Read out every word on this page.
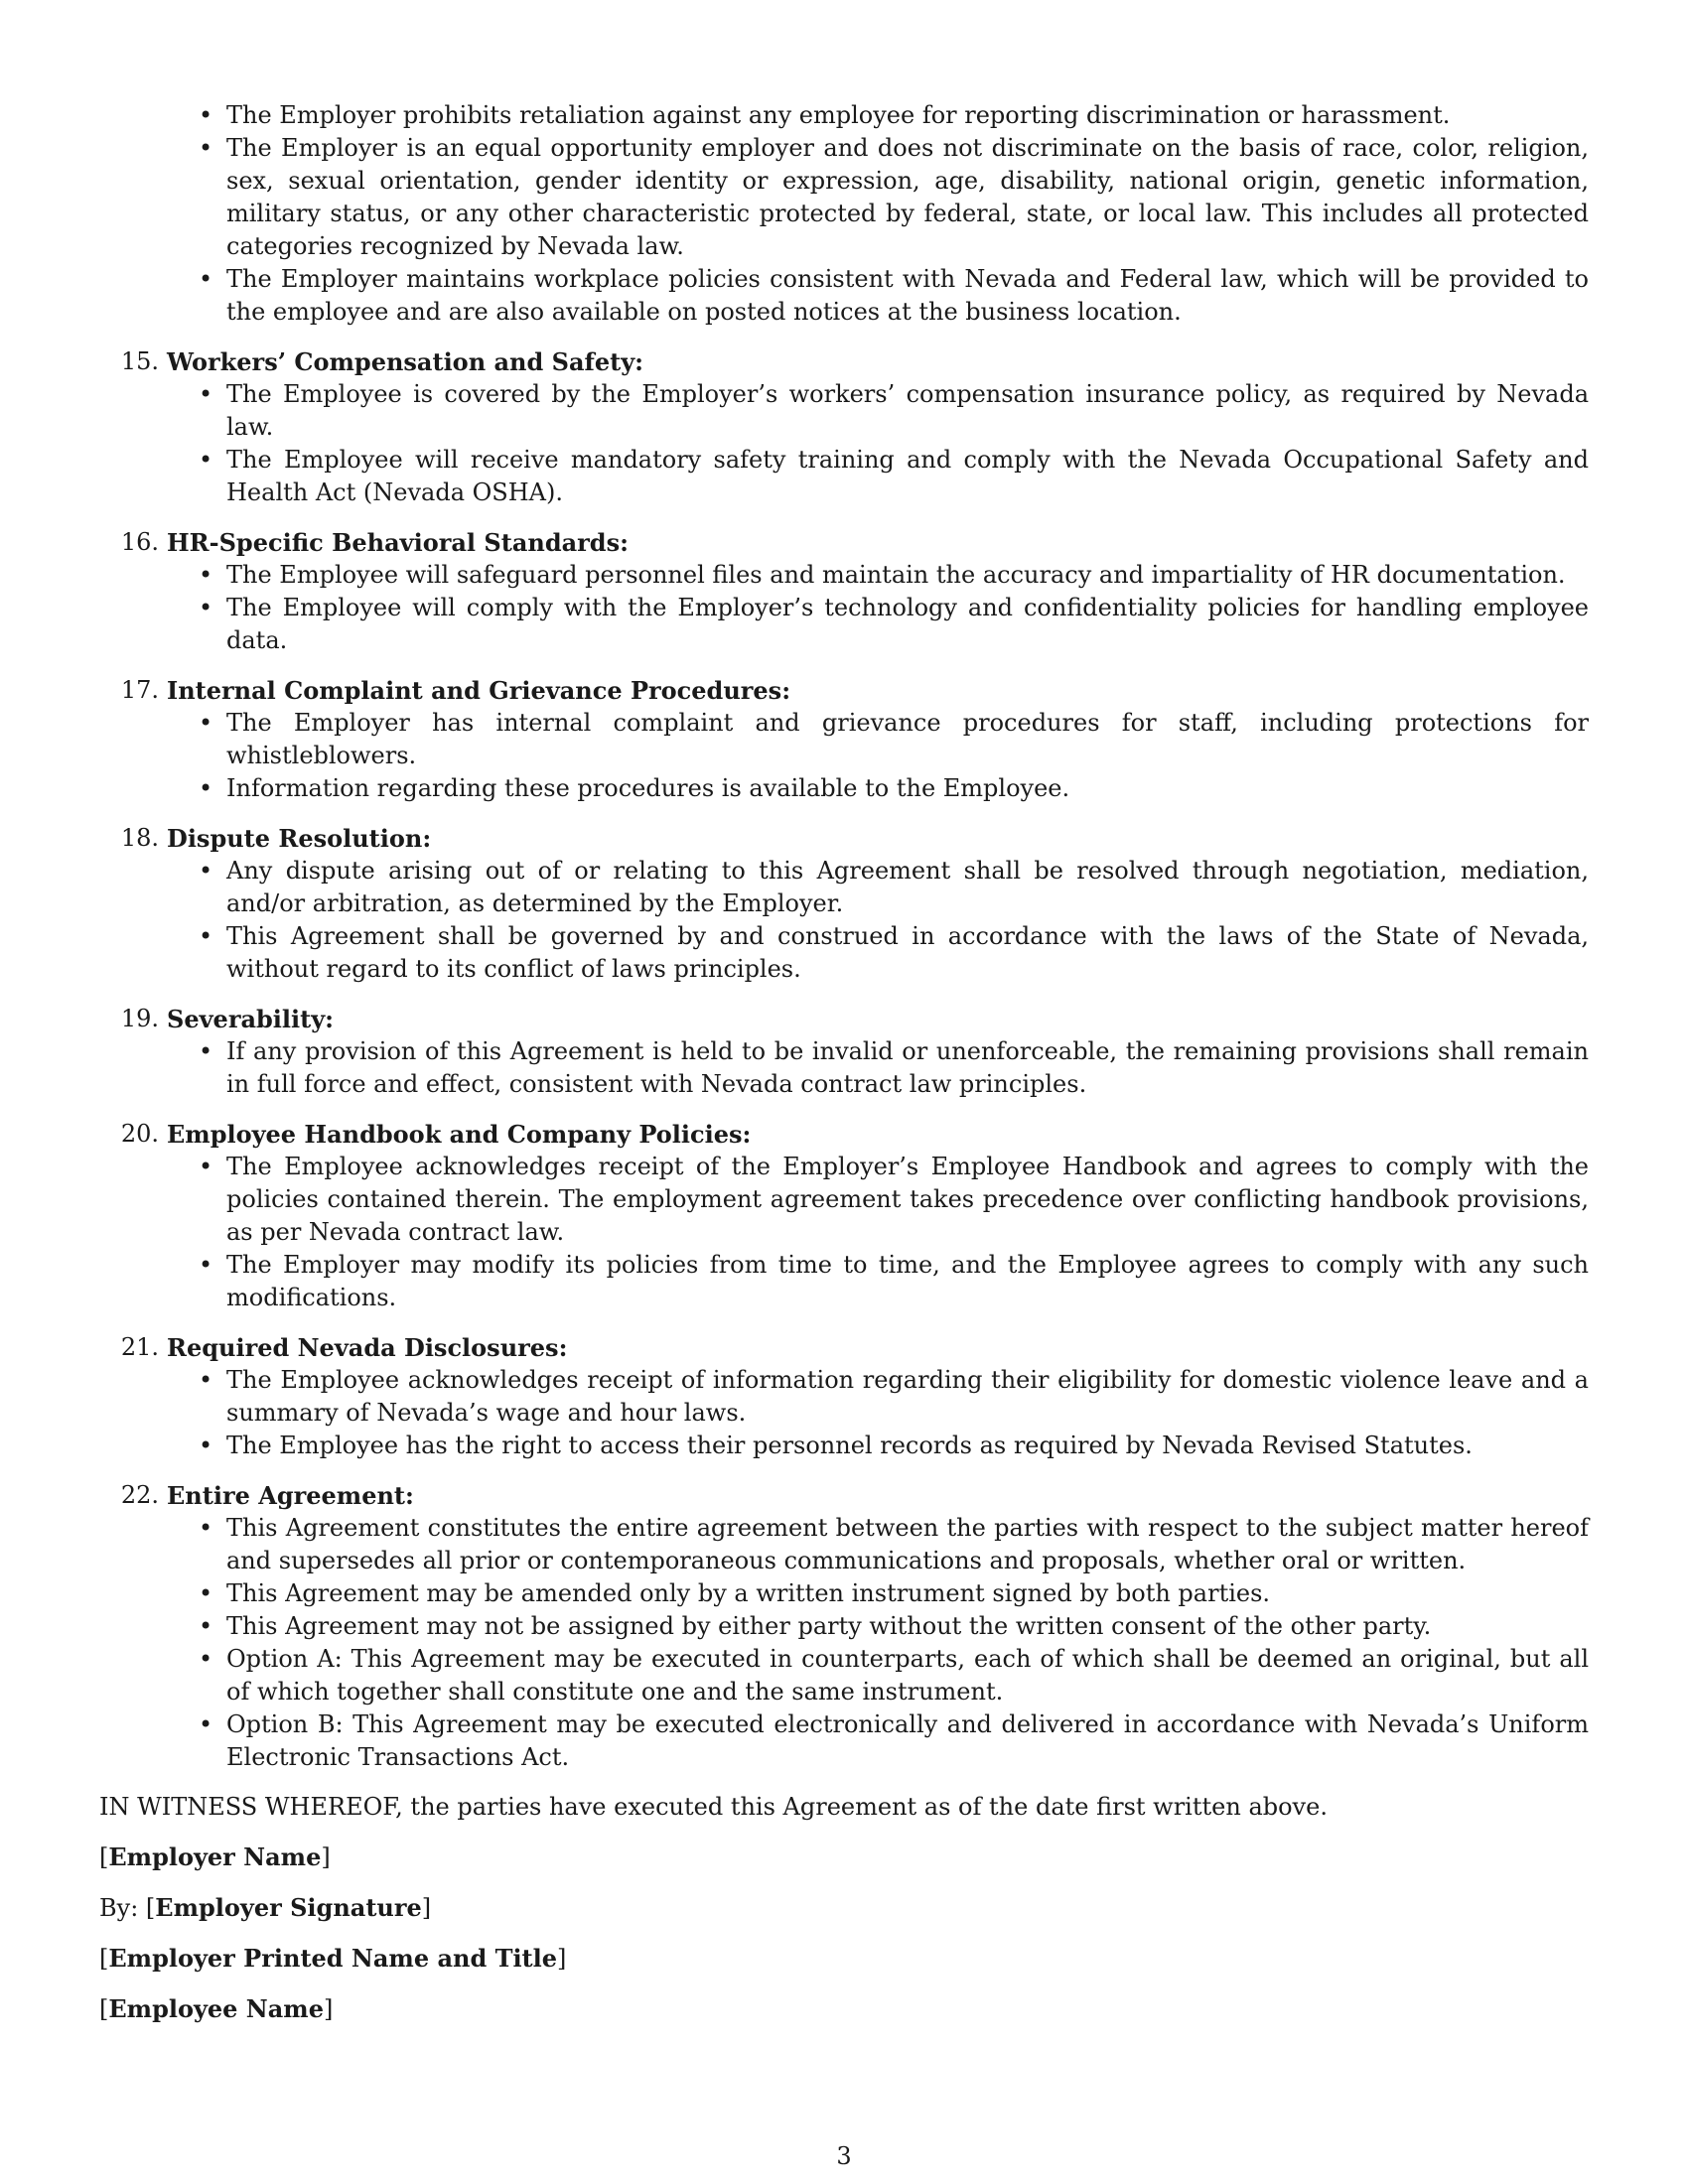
• The Employer prohibits retaliation against any employee for reporting discrimination or harassment.
• The Employer is an equal opportunity employer and does not discriminate on the basis of race, color, religion, sex, sexual orientation, gender identity or expression, age, disability, national origin, genetic information, military status, or any other characteristic protected by federal, state, or local law. This includes all protected categories recognized by Nevada law.
• The Employer maintains workplace policies consistent with Nevada and Federal law, which will be provided to the employee and are also available on posted notices at the business location.
15. Workers’ Compensation and Safety:
• The Employee is covered by the Employer’s workers’ compensation insurance policy, as required by Nevada law.
• The Employee will receive mandatory safety training and comply with the Nevada Occupational Safety and Health Act (Nevada OSHA).
16. HR-Specific Behavioral Standards:
• The Employee will safeguard personnel files and maintain the accuracy and impartiality of HR documentation.
• The Employee will comply with the Employer’s technology and confidentiality policies for handling employee data.
17. Internal Complaint and Grievance Procedures:
• The Employer has internal complaint and grievance procedures for staff, including protections for whistleblowers.
• Information regarding these procedures is available to the Employee.
18. Dispute Resolution:
• Any dispute arising out of or relating to this Agreement shall be resolved through negotiation, mediation, and/or arbitration, as determined by the Employer.
• This Agreement shall be governed by and construed in accordance with the laws of the State of Nevada, without regard to its conflict of laws principles.
19. Severability:
• If any provision of this Agreement is held to be invalid or unenforceable, the remaining provisions shall remain in full force and effect, consistent with Nevada contract law principles.
20. Employee Handbook and Company Policies:
• The Employee acknowledges receipt of the Employer’s Employee Handbook and agrees to comply with the policies contained therein. The employment agreement takes precedence over conflicting handbook provisions, as per Nevada contract law.
• The Employer may modify its policies from time to time, and the Employee agrees to comply with any such modifications.
21. Required Nevada Disclosures:
• The Employee acknowledges receipt of information regarding their eligibility for domestic violence leave and a summary of Nevada’s wage and hour laws.
• The Employee has the right to access their personnel records as required by Nevada Revised Statutes.
22. Entire Agreement:
• This Agreement constitutes the entire agreement between the parties with respect to the subject matter hereof and supersedes all prior or contemporaneous communications and proposals, whether oral or written.
• This Agreement may be amended only by a written instrument signed by both parties.
• This Agreement may not be assigned by either party without the written consent of the other party.
• Option A: This Agreement may be executed in counterparts, each of which shall be deemed an original, but all of which together shall constitute one and the same instrument.
• Option B: This Agreement may be executed electronically and delivered in accordance with Nevada’s Uniform Electronic Transactions Act.
IN WITNESS WHEREOF, the parties have executed this Agreement as of the date first written above.
[Employer Name]
By: [Employer Signature]
[Employer Printed Name and Title]
[Employee Name]
3
